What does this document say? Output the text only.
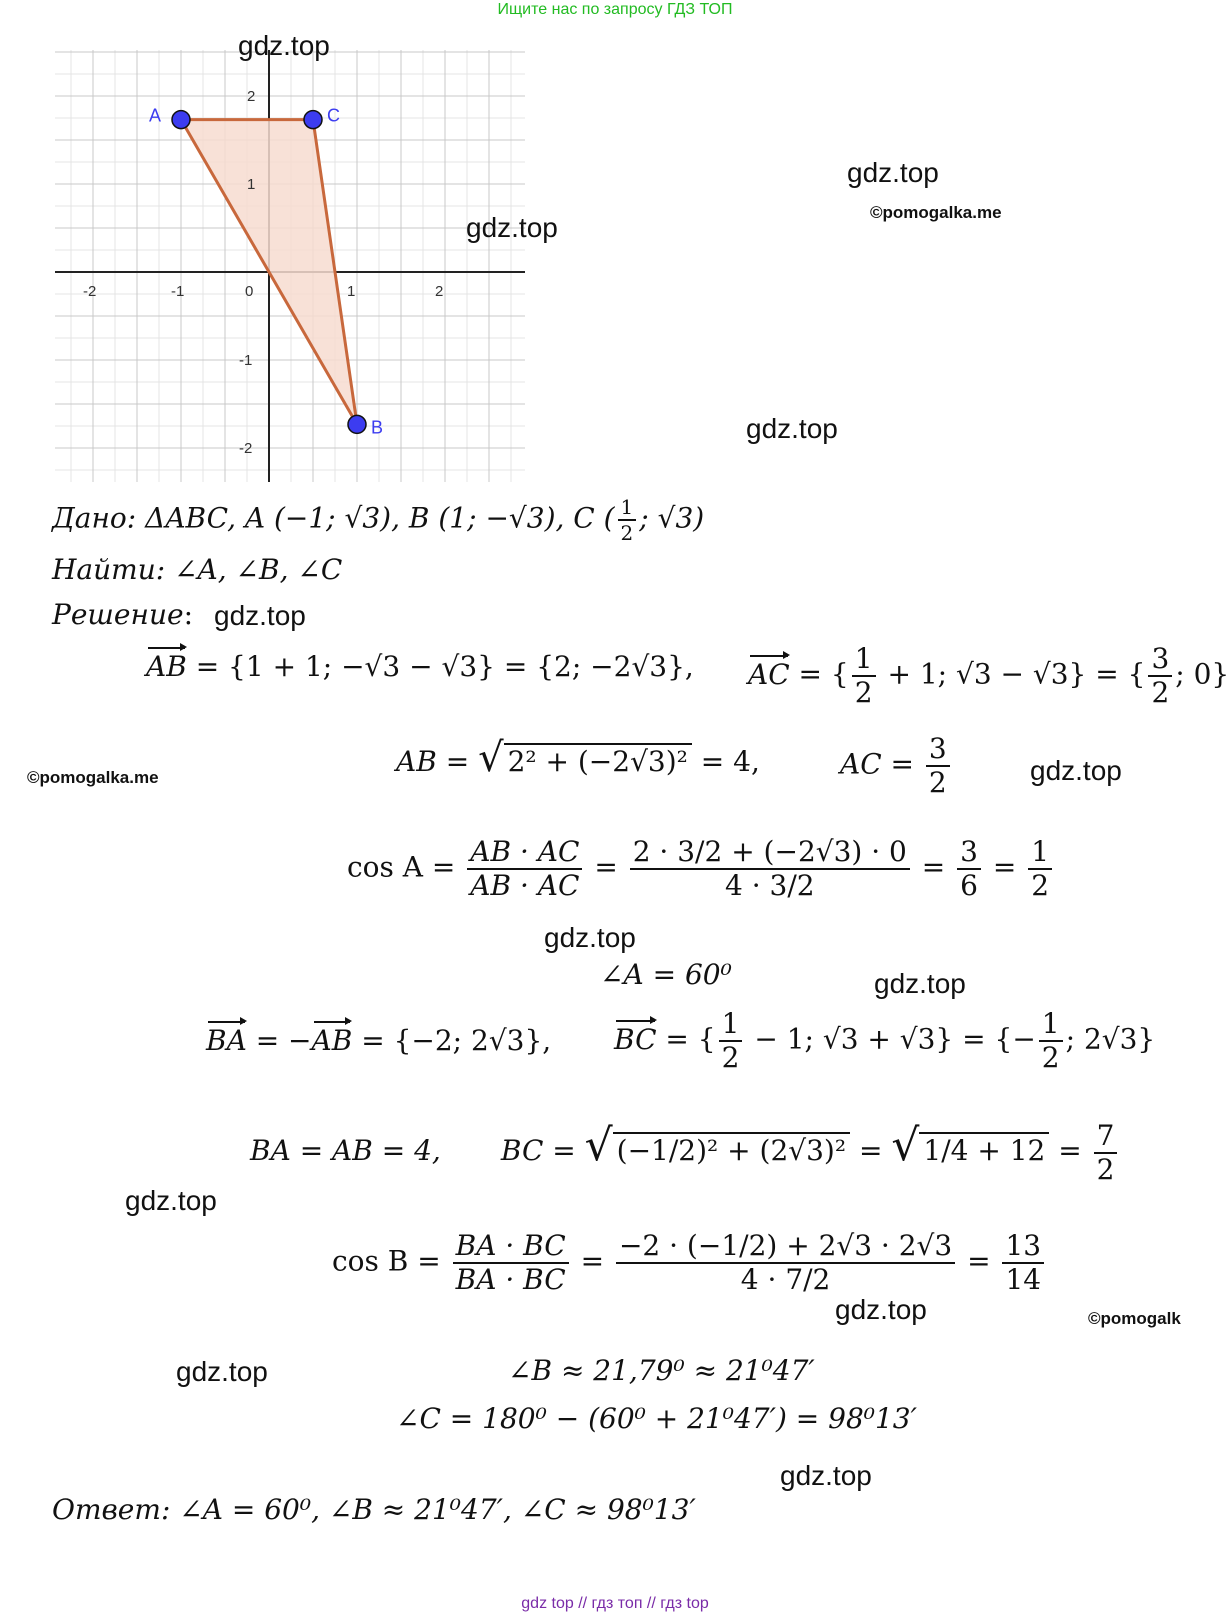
Ищите нас по запросу ГДЗ ТОП
gdz top // гдз топ // гдз top
-2	-1	0	1	2
2
1
-1
-2
A	C
B
gdz.top
gdz.top
©pomogalka.me
gdz.top
gdz.top
gdz.top
©pomogalka.me	gdz.top
gdz.top
gdz.top
gdz.top
gdz.top	©pomogalk
gdz.top
gdz.top
Дано: ΔABC, A (−1; √3), B (1; −√3), C ( $\frac{1}{2}$ ; √3)
Найти: ∠A, ∠B, ∠C
Решение:
AB = {1 + 1; −√3 − √3} = {2; −2√3}, AC = { $\frac{1}{2} + 1$; √3 − √3} = { $\frac{3}{2}$ ; 0}
AB = √ 2² + (−2√3)² = 4,	AC = $\frac{3}{2}$
$\cos A = \frac{AB \cdot AC}{AB \cdot AC} = \frac{2 \cdot 3/2 + (-2√3) \cdot 0}{4 \cdot 3/2} = \frac{3}{6} = \frac{1}{2}$
∠A = 60⁰
BA = −AB = {−2; 2√3}, BC = { $\frac{1}{2} - 1$; √3 + √3} = {− $\frac{1}{2}$ ; 2√3}
BA = AB = 4, BC = √ (−1/2)² + (2√3)² = √ $1/4 + 12 = \frac{7}{2}$
$\cos B = \frac{BA \cdot BC}{BA \cdot BC} = \frac{-2 \cdot (-1/2) + 2√3 \cdot 2√3}{4 \cdot 7/2} = \frac{13}{14}$
∠B ≈ 21,79⁰ ≈ 21⁰47′
∠C = 180⁰ − (60⁰ + 21⁰47′) = 98⁰13′
Ответ: ∠A = 60⁰, ∠B ≈ 21⁰47′, ∠C ≈ 98⁰13′
